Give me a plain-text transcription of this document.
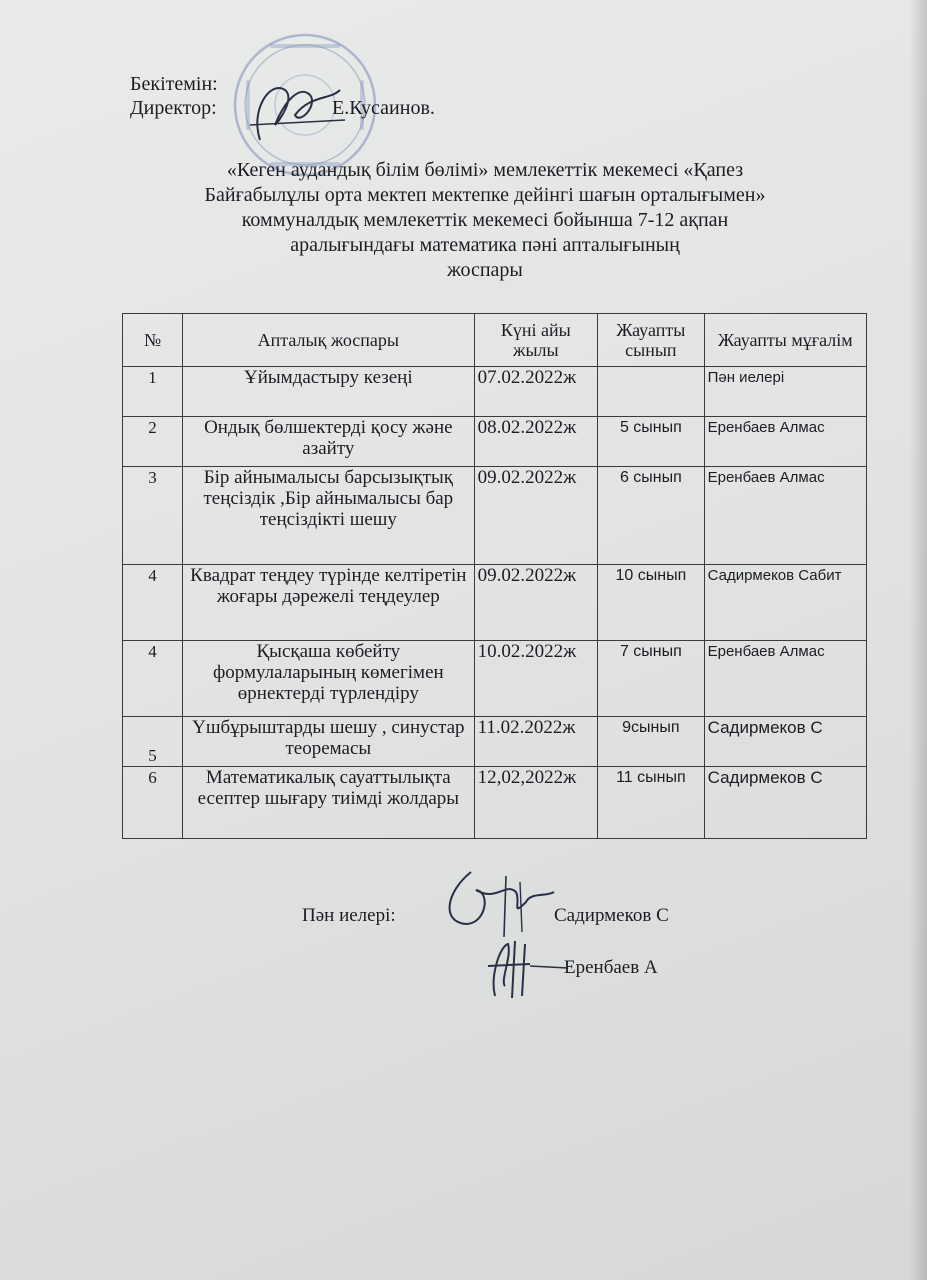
Бекітемін:
Директор:	Е.Кусаинов.
«Кеген аудандық білім бөлімі» мемлекеттік мекемесі «Қапез
Байғабылұлы орта мектеп мектепке дейінгі шағын орталығымен»
коммуналдық мемлекеттік мекемесі бойынша 7-12 ақпан
аралығындағы математика пәні апталығының
жоспары
№	Апталық жоспары	Күні айы жылы	Жауапты сынып	Жауапты мұғалім
1	Ұйымдастыру кезеңі	07.02.2022ж		Пән иелері
2	Ондық бөлшектерді қосу және азайту	08.02.2022ж	5 сынып	Еренбаев Алмас
3	Бір айнымалысы барсызықтық теңсіздік ,Бір айнымалысы бар теңсіздікті шешу	09.02.2022ж	6 сынып	Еренбаев Алмас
4	Квадрат теңдеу түрінде келтіретін жоғары дәрежелі теңдеулер	09.02.2022ж	10 сынып	Садирмеков Сабит
4	Қысқаша көбейту формулаларының көмегімен өрнектерді түрлендіру	10.02.2022ж	7 сынып	Еренбаев Алмас
5	Үшбұрыштарды шешу , синустар теоремасы	11.02.2022ж	9сынып	Садирмеков С
6	Математикалық сауаттылықта есептер шығару тиімді жолдары	12,02,2022ж	11 сынып	Садирмеков С
Пән иелері:	Садирмеков С
Еренбаев А
